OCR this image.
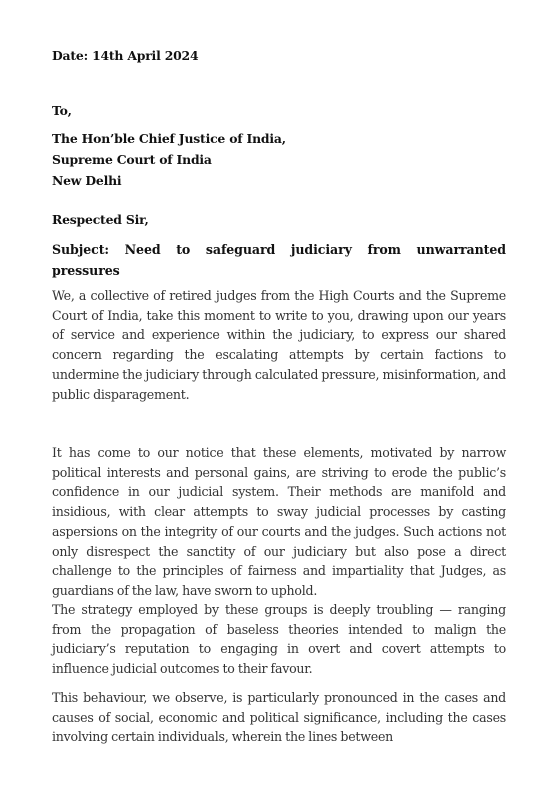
Date: 14th April 2024
To,
The Hon’ble Chief Justice of India,
Supreme Court of India
New Delhi
Respected Sir,
Subject: Need to safeguard judiciary from unwarranted pressures

We, a collective of retired judges from the High Courts and the Supreme Court of India, take this moment to write to you, drawing upon our years of service and experience within the judiciary, to express our shared concern regarding the escalating attempts by certain factions to undermine the judiciary through calculated pressure, misinformation, and public disparagement.

It has come to our notice that these elements, motivated by narrow political interests and personal gains, are striving to erode the public’s confidence in our judicial system. Their methods are manifold and insidious, with clear attempts to sway judicial processes by casting aspersions on the integrity of our courts and the judges. Such actions not only disrespect the sanctity of our judiciary but also pose a direct challenge to the principles of fairness and impartiality that Judges, as guardians of the law, have sworn to uphold.

The strategy employed by these groups is deeply troubling — ranging from the propagation of baseless theories intended to malign the judiciary’s reputation to engaging in overt and covert attempts to influence judicial outcomes to their favour.

This behaviour, we observe, is particularly pronounced in the cases and causes of social, economic and political significance, including the cases involving certain individuals, wherein the lines between
